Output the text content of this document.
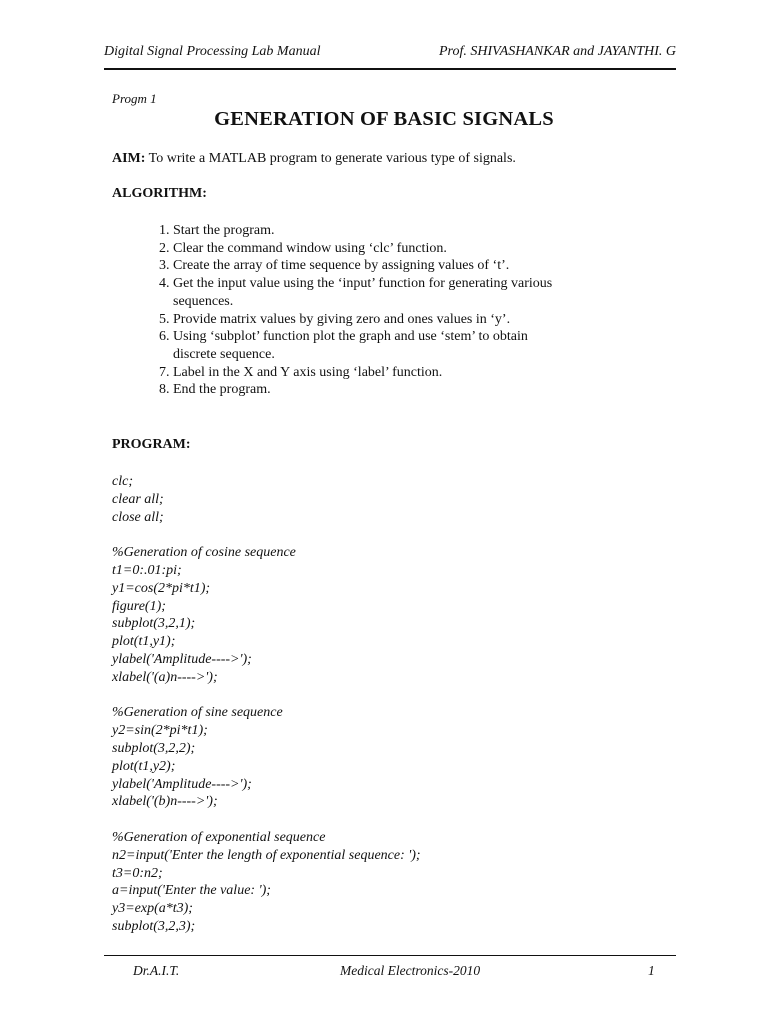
Digital Signal Processing Lab Manual	Prof. SHIVASHANKAR and JAYANTHI. G
Progm 1
GENERATION OF BASIC SIGNALS
AIM: To write a MATLAB program to generate various type of signals.
ALGORITHM:
1. Start the program.
2. Clear the command window using ‘clc’ function.
3. Create the array of time sequence by assigning values of ‘t’.
4. Get the input value using the ‘input’ function for generating various sequences.
5. Provide matrix values by giving zero and ones values in ‘y’.
6. Using ‘subplot’ function plot the graph and use ‘stem’ to obtain discrete sequence.
7. Label in the X and Y axis using ‘label’ function.
8. End the program.
PROGRAM:
clc;
clear all;
close all;
%Generation of cosine sequence
t1=0:.01:pi;
y1=cos(2*pi*t1);
figure(1);
subplot(3,2,1);
plot(t1,y1);
ylabel('Amplitude---->');
xlabel('(a)n---->');
%Generation of sine sequence
y2=sin(2*pi*t1);
subplot(3,2,2);
plot(t1,y2);
ylabel('Amplitude---->');
xlabel('(b)n---->');
%Generation of exponential sequence
n2=input('Enter the length of exponential sequence: ');
t3=0:n2;
a=input('Enter the value: ');
y3=exp(a*t3);
subplot(3,2,3);
Dr.A.I.T.	Medical Electronics-2010	1
